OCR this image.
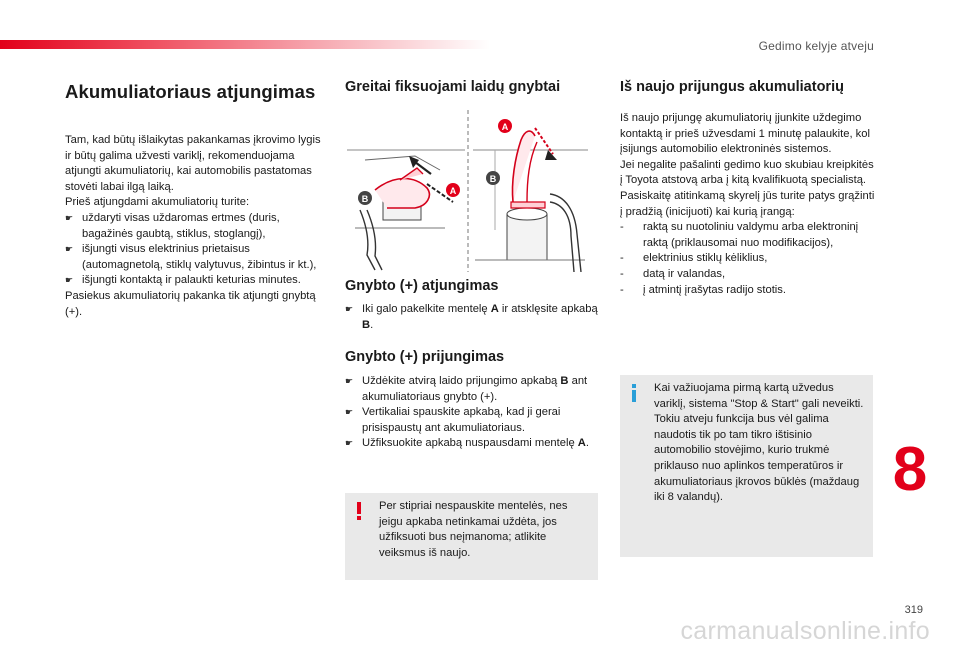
Gedimo kelyje atveju
Akumuliatoriaus atjungimas

Tam, kad būtų išlaikytas pakankamas įkrovimo lygis ir būtų galima užvesti variklį, rekomenduojama atjungti akumuliatorių, kai automobilis pastatomas stovėti labai ilgą laiką.

Prieš atjungdami akumuliatorių turite:

☛ uždaryti visas uždaromas ertmes (duris, bagažinės gaubtą, stiklus, stoglangį),
☛ išjungti visus elektrinius prietaisus (automagnetolą, stiklų valytuvus, žibintus ir kt.),
☛ išjungti kontaktą ir palaukti keturias minutes.

Pasiekus akumuliatorių pakanka tik atjungti gnybtą (+).

Greitai fiksuojami laidų gnybtai
A
B
A
B
Gnybto (+) atjungimas
☛ Iki galo pakelkite mentelę A ir atsklęsite apkabą B.
Gnybto (+) prijungimas
☛ Uždėkite atvirą laido prijungimo apkabą B ant akumuliatoriaus gnybto (+).
☛ Vertikaliai spauskite apkabą, kad ji gerai prisispaustų ant akumuliatoriaus.
☛ Užfiksuokite apkabą nuspausdami mentelę A.
Per stipriai nespauskite mentelės, nes jeigu apkaba netinkamai uždėta, jos užfiksuoti bus neįmanoma; atlikite veiksmus iš naujo.
Iš naujo prijungus akumuliatorių

Iš naujo prijungę akumuliatorių įjunkite uždegimo kontaktą ir prieš užvesdami 1 minutę palaukite, kol įsijungs automobilio elektroninės sistemos.

Jei negalite pašalinti gedimo kuo skubiau kreipkitės į Toyota atstovą arba į kitą kvalifikuotą specialistą.

Pasiskaitę atitinkamą skyrelį jūs turite patys grąžinti į pradžią (inicijuoti) kai kurią įrangą:

- raktą su nuotoliniu valdymu arba elektroninį raktą (priklausomai nuo modifikacijos),
- elektrinius stiklų kėliklius,
- datą ir valandas,
- į atmintį įrašytas radijo stotis.
Kai važiuojama pirmą kartą užvedus variklį, sistema "Stop & Start" gali neveikti.
Tokiu atveju funkcija bus vėl galima naudotis tik po tam tikro ištisinio automobilio stovėjimo, kurio trukmė priklauso nuo aplinkos temperatūros ir akumuliatoriaus įkrovos būklės (maždaug iki 8 valandų).	8
319
carmanualsonline.info
